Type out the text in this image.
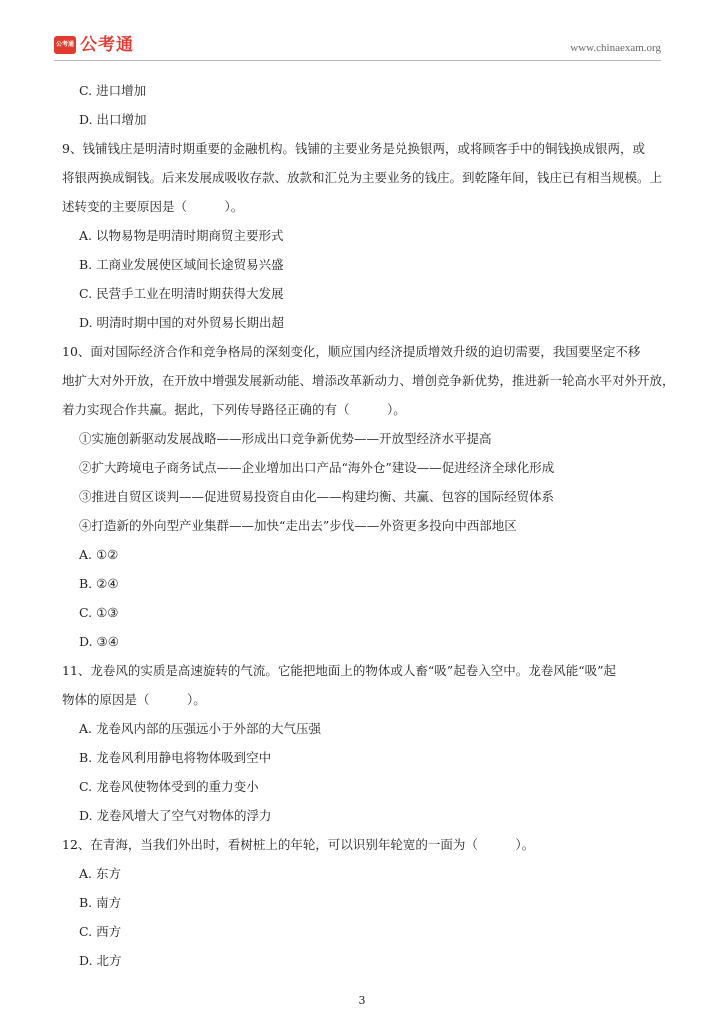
公考通 公考通	www.chinaexam.org
C. 进口增加
D. 出口增加
9、钱铺钱庄是明清时期重要的金融机构。钱铺的主要业务是兑换银两，或将顾客手中的铜钱换成银两，或
将银两换成铜钱。后来发展成吸收存款、放款和汇兑为主要业务的钱庄。到乾隆年间，钱庄已有相当规模。上
述转变的主要原因是（　　　）。
A. 以物易物是明清时期商贸主要形式
B. 工商业发展使区域间长途贸易兴盛
C. 民营手工业在明清时期获得大发展
D. 明清时期中国的对外贸易长期出超
10、面对国际经济合作和竞争格局的深刻变化，顺应国内经济提质增效升级的迫切需要，我国要坚定不移
地扩大对外开放，在开放中增强发展新动能、增添改革新动力、增创竞争新优势，推进新一轮高水平对外开放，
着力实现合作共赢。据此，下列传导路径正确的有（　　　）。
①实施创新驱动发展战略——形成出口竞争新优势——开放型经济水平提高
②扩大跨境电子商务试点——企业增加出口产品“海外仓”建设——促进经济全球化形成
③推进自贸区谈判——促进贸易投资自由化——构建均衡、共赢、包容的国际经贸体系
④打造新的外向型产业集群——加快“走出去”步伐——外资更多投向中西部地区
A. ①②
B. ②④
C. ①③
D. ③④
11、龙卷风的实质是高速旋转的气流。它能把地面上的物体或人畜“吸”起卷入空中。龙卷风能“吸”起
物体的原因是（　　　）。
A. 龙卷风内部的压强远小于外部的大气压强
B. 龙卷风利用静电将物体吸到空中
C. 龙卷风使物体受到的重力变小
D. 龙卷风增大了空气对物体的浮力
12、在青海，当我们外出时，看树桩上的年轮，可以识别年轮宽的一面为（　　　）。
A. 东方
B. 南方
C. 西方
D. 北方
3
